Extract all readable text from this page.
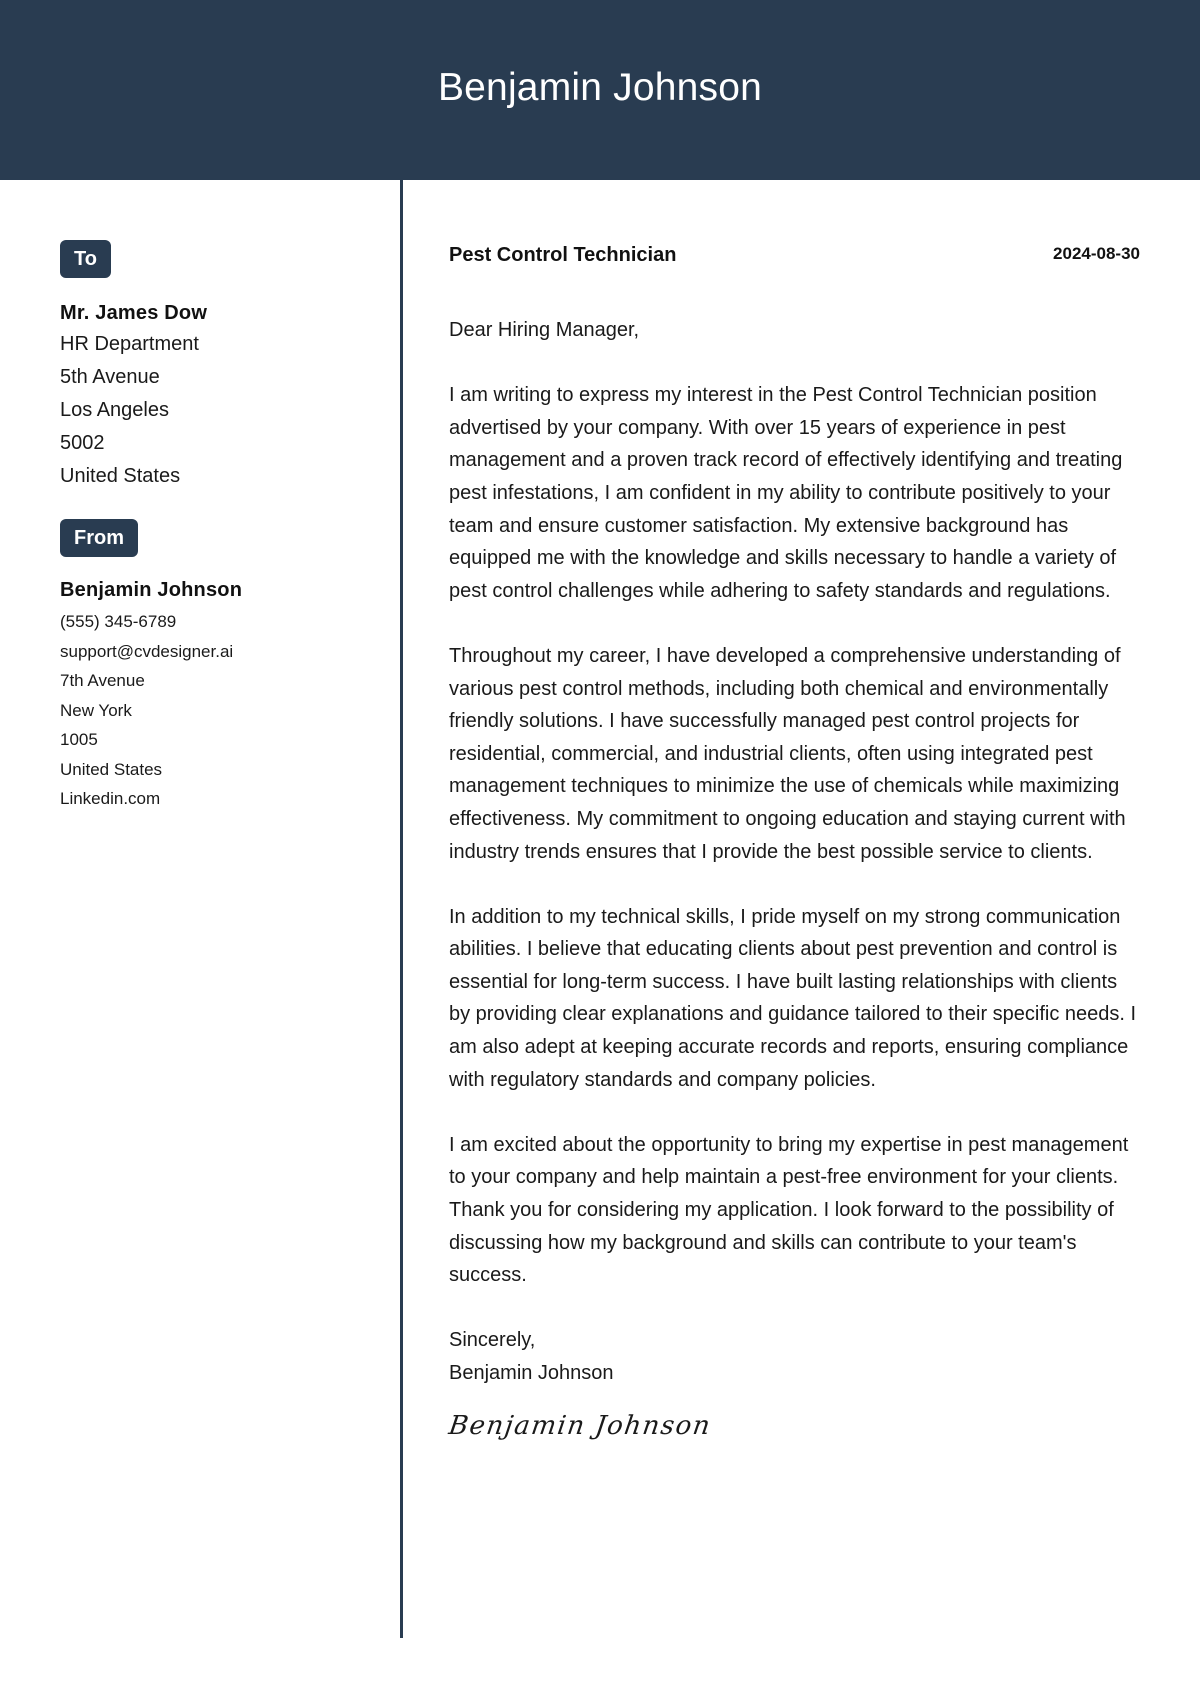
Benjamin Johnson
To
Mr. James Dow
HR Department
5th Avenue
Los Angeles
5002
United States
From
Benjamin Johnson
(555) 345-6789
support@cvdesigner.ai
7th Avenue
New York
1005
United States
Linkedin.com
Pest Control Technician	2024-08-30

Dear Hiring Manager,

I am writing to express my interest in the Pest Control Technician position advertised by your company. With over 15 years of experience in pest management and a proven track record of effectively identifying and treating pest infestations, I am confident in my ability to contribute positively to your team and ensure customer satisfaction. My extensive background has equipped me with the knowledge and skills necessary to handle a variety of pest control challenges while adhering to safety standards and regulations.

Throughout my career, I have developed a comprehensive understanding of various pest control methods, including both chemical and environmentally friendly solutions. I have successfully managed pest control projects for residential, commercial, and industrial clients, often using integrated pest management techniques to minimize the use of chemicals while maximizing effectiveness. My commitment to ongoing education and staying current with industry trends ensures that I provide the best possible service to clients.

In addition to my technical skills, I pride myself on my strong communication abilities. I believe that educating clients about pest prevention and control is essential for long-term success. I have built lasting relationships with clients by providing clear explanations and guidance tailored to their specific needs. I am also adept at keeping accurate records and reports, ensuring compliance with regulatory standards and company policies.

I am excited about the opportunity to bring my expertise in pest management to your company and help maintain a pest-free environment for your clients. Thank you for considering my application. I look forward to the possibility of discussing how my background and skills can contribute to your team's success.

Sincerely,
Benjamin Johnson
Benjamin Johnson
